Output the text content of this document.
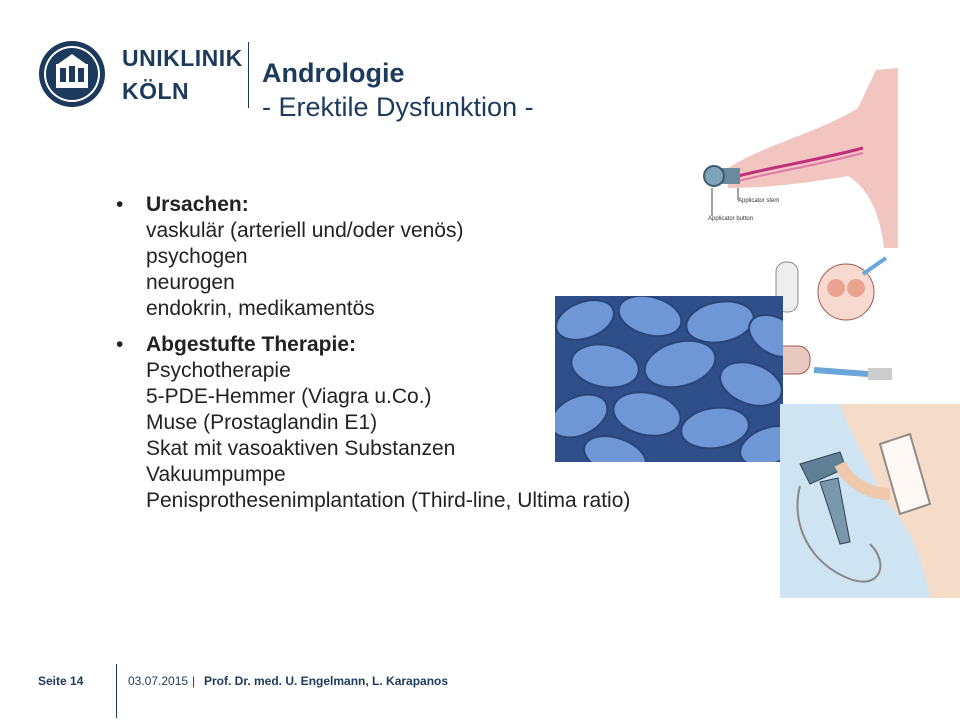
UNIKLINIK
KÖLN
Andrologie
- Erektile Dysfunktion -
Applicator stem
Applicator button
• Ursachen:
vaskulär (arteriell und/oder venös)
psychogen
neurogen
endokrin, medikamentös
• Abgestufte Therapie:
Psychotherapie
5-PDE-Hemmer (Viagra u.Co.)
Muse (Prostaglandin E1)
Skat mit vasoaktiven Substanzen
Vakuumpumpe
Penisprothesenimplantation (Third-line, Ultima ratio)
Seite 14	03.07.2015 | Prof. Dr. med. U. Engelmann, L. Karapanos
